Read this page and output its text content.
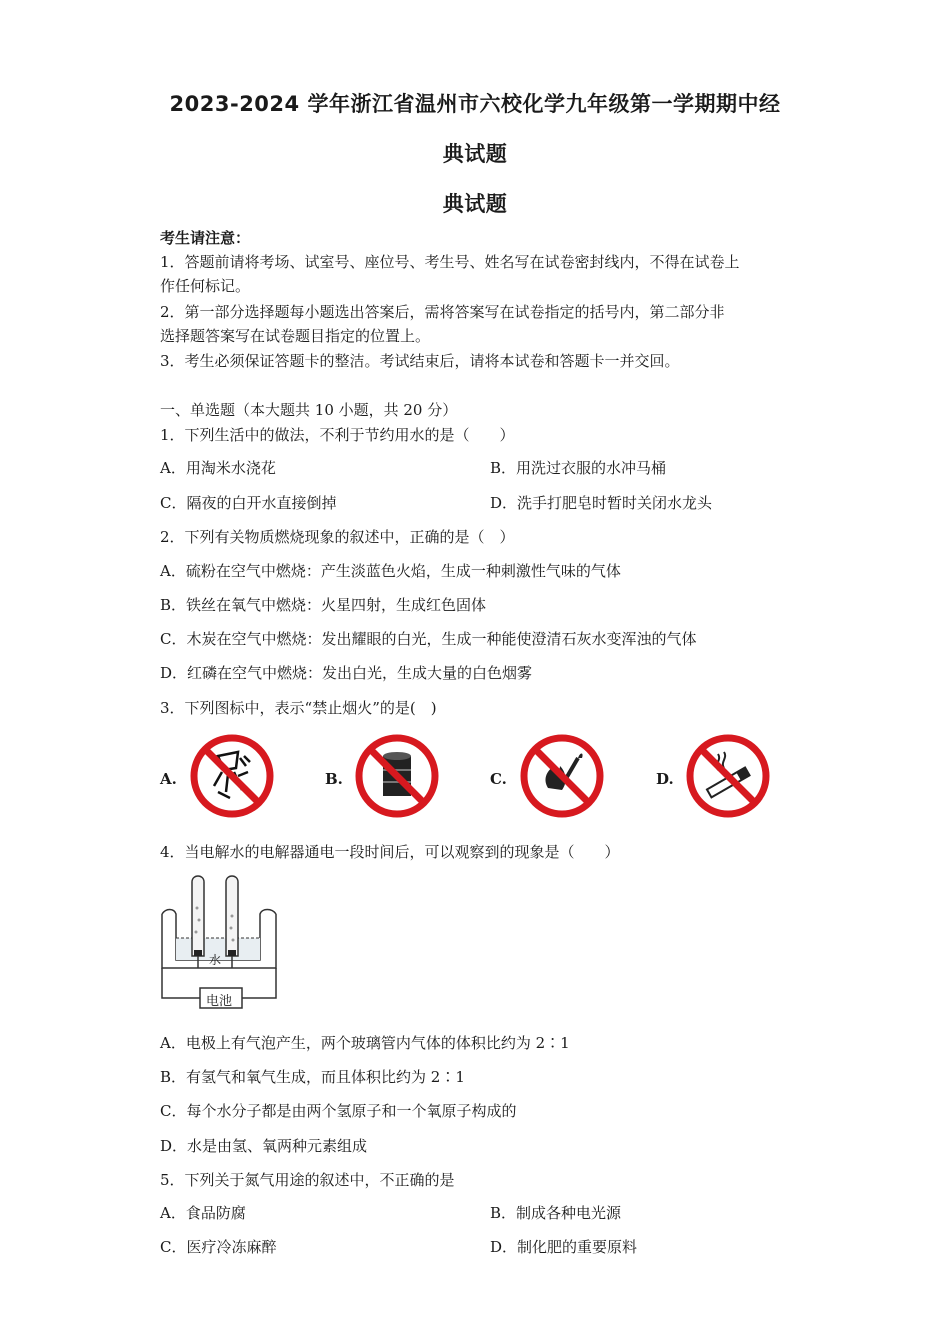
2023-2024 学年浙江省温州市六校化学九年级第一学期期中经
典试题
典试题
考生请注意：
1．答题前请将考场、试室号、座位号、考生号、姓名写在试卷密封线内，不得在试卷上
作任何标记。
2．第一部分选择题每小题选出答案后，需将答案写在试卷指定的括号内，第二部分非
选择题答案写在试卷题目指定的位置上。
3．考生必须保证答题卡的整洁。考试结束后，请将本试卷和答题卡一并交回。
一、单选题（本大题共 10 小题，共 20 分）
1．下列生活中的做法，不利于节约用水的是（　　）
A．用淘米水浇花	B．用洗过衣服的水冲马桶
C．隔夜的白开水直接倒掉	D．洗手打肥皂时暂时关闭水龙头
2．下列有关物质燃烧现象的叙述中，正确的是（　）
A．硫粉在空气中燃烧：产生淡蓝色火焰，生成一种刺激性气味的气体
B．铁丝在氧气中燃烧：火星四射，生成红色固体
C．木炭在空气中燃烧：发出耀眼的白光，生成一种能使澄清石灰水变浑浊的气体
D．红磷在空气中燃烧：发出白光，生成大量的白色烟雾
3．下列图标中，表示“禁止烟火”的是(　)
A.	B.	C.	D.
4．当电解水的电解器通电一段时间后，可以观察到的现象是（　　）
水
电池
A．电极上有气泡产生，两个玻璃管内气体的体积比约为 2∶1
B．有氢气和氧气生成，而且体积比约为 2∶1
C．每个水分子都是由两个氢原子和一个氧原子构成的
D．水是由氢、氧两种元素组成
5．下列关于氮气用途的叙述中，不正确的是
A．食品防腐	B．制成各种电光源
C．医疗冷冻麻醉	D．制化肥的重要原料
